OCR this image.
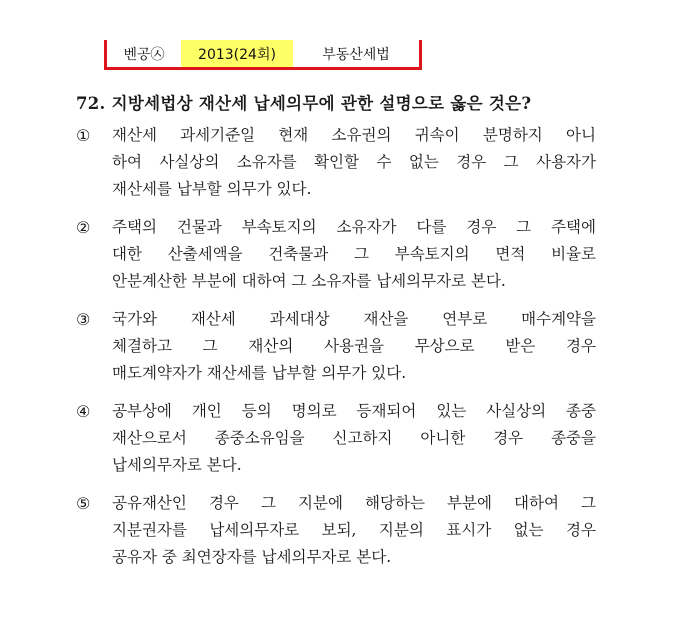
벤공㉦	2013(24회)	부동산세법
72. 지방세법상 재산세 납세의무에 관한 설명으로 옳은 것은?
①	재산세 과세기준일 현재 소유권의 귀속이 분명하지 아니
하여 사실상의 소유자를 확인할 수 없는 경우 그 사용자가
재산세를 납부할 의무가 있다.
②	주택의 건물과 부속토지의 소유자가 다를 경우 그 주택에
대한 산출세액을 건축물과 그 부속토지의 면적 비율로
안분계산한 부분에 대하여 그 소유자를 납세의무자로 본다.
③	국가와 재산세 과세대상 재산을 연부로 매수계약을
체결하고 그 재산의 사용권을 무상으로 받은 경우
매도계약자가 재산세를 납부할 의무가 있다.
④	공부상에 개인 등의 명의로 등재되어 있는 사실상의 종중
재산으로서 종중소유임을 신고하지 아니한 경우 종중을
납세의무자로 본다.
⑤	공유재산인 경우 그 지분에 해당하는 부분에 대하여 그
지분권자를 납세의무자로 보되, 지분의 표시가 없는 경우
공유자 중 최연장자를 납세의무자로 본다.
